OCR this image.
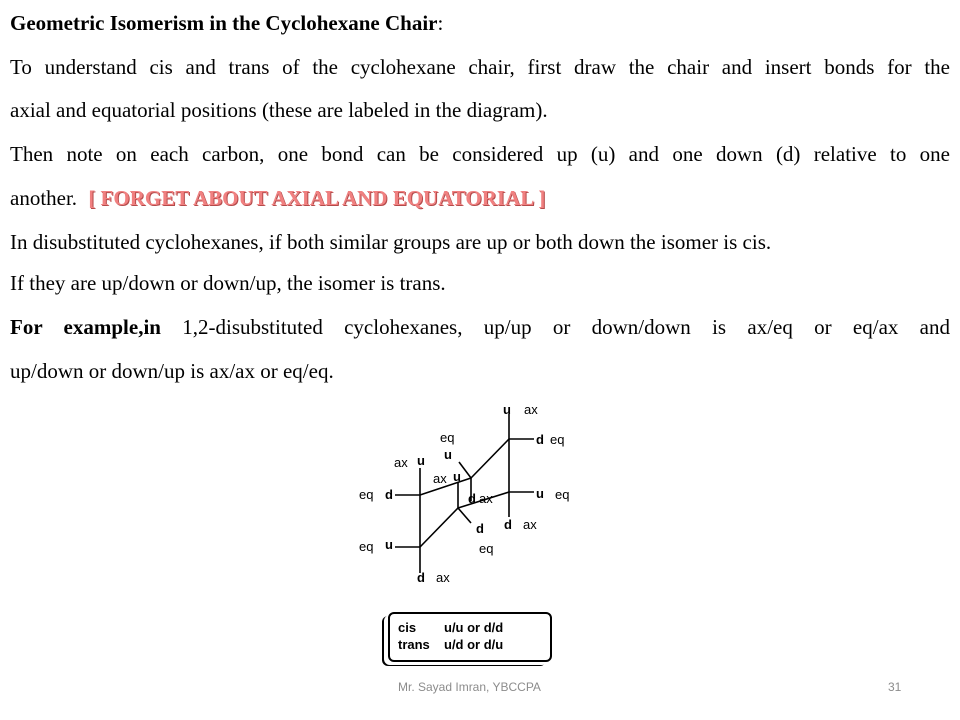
Geometric Isomerism in the Cyclohexane Chair:
To understand cis and trans of the cyclohexane chair, first draw the chair and insert bonds for the
axial and equatorial positions (these are labeled in the diagram).
Then note on each carbon, one bond can be considered up (u) and one down (d) relative to one
another. [ FORGET ABOUT AXIAL AND EQUATORIAL ]
In disubstituted cyclohexanes, if both similar groups are up or both down the isomer is cis.
If they are up/down or down/up, the isomer is trans.
For example,in 1,2-disubstituted cyclohexanes, up/up or down/down is ax/eq or eq/ax and
up/down or down/up is ax/ax or eq/eq.
u ax
d eq
eq
u
ax u
ax u
eq d	d ax	u eq
d d ax
eq u	eq
d ax
cis u/u or d/d
trans u/d or d/u
Mr. Sayad Imran, YBCCPA	31
